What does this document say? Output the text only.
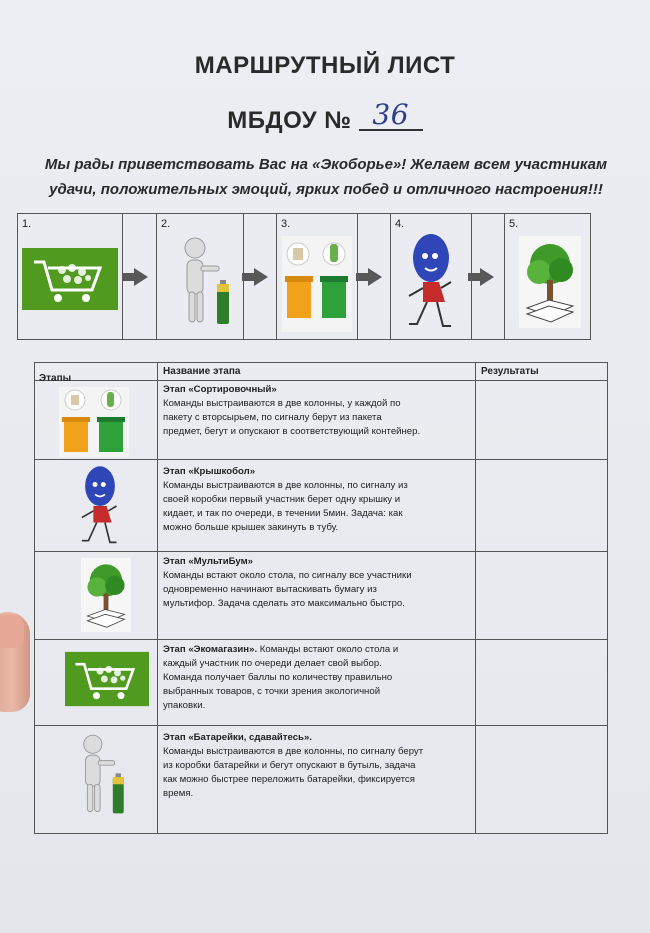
МАРШРУТНЫЙ ЛИСТ
МБДОУ № 36
Мы рады приветствовать Вас на «Экоборье»! Желаем всем участникам
удачи, положительных эмоций, ярких побед и отличного настроения!!!
1.	2.	3.	4.	5.
Этапы
Название этапа	Результаты
Этап «Сортировочный»
Команды выстраиваются в две колонны, у каждой по
пакету с вторсырьем, по сигналу берут из пакета
предмет, бегут и опускают в соответствующий контейнер.
Этап «Крышкобол»
Команды выстраиваются в две колонны, по сигналу из
своей коробки первый участник берет одну крышку и
кидает, и так по очереди, в течении 5мин. Задача: как
можно больше крышек закинуть в тубу.
Этап «МультиБум»
Команды встают около стола, по сигналу все участники
одновременно начинают вытаскивать бумагу из
мультифор. Задача сделать это максимально быстро.
Этап «Экомагазин». Команды встают около стола и
каждый участник по очереди делает свой выбор.
Команда получает баллы по количеству правильно
выбранных товаров, с точки зрения экологичной
упаковки.
Этап «Батарейки, сдавайтесь».
Команды выстраиваются в две колонны, по сигналу берут
из коробки батарейки и бегут опускают в бутыль, задача
как можно быстрее переложить батарейки, фиксируется
время.
